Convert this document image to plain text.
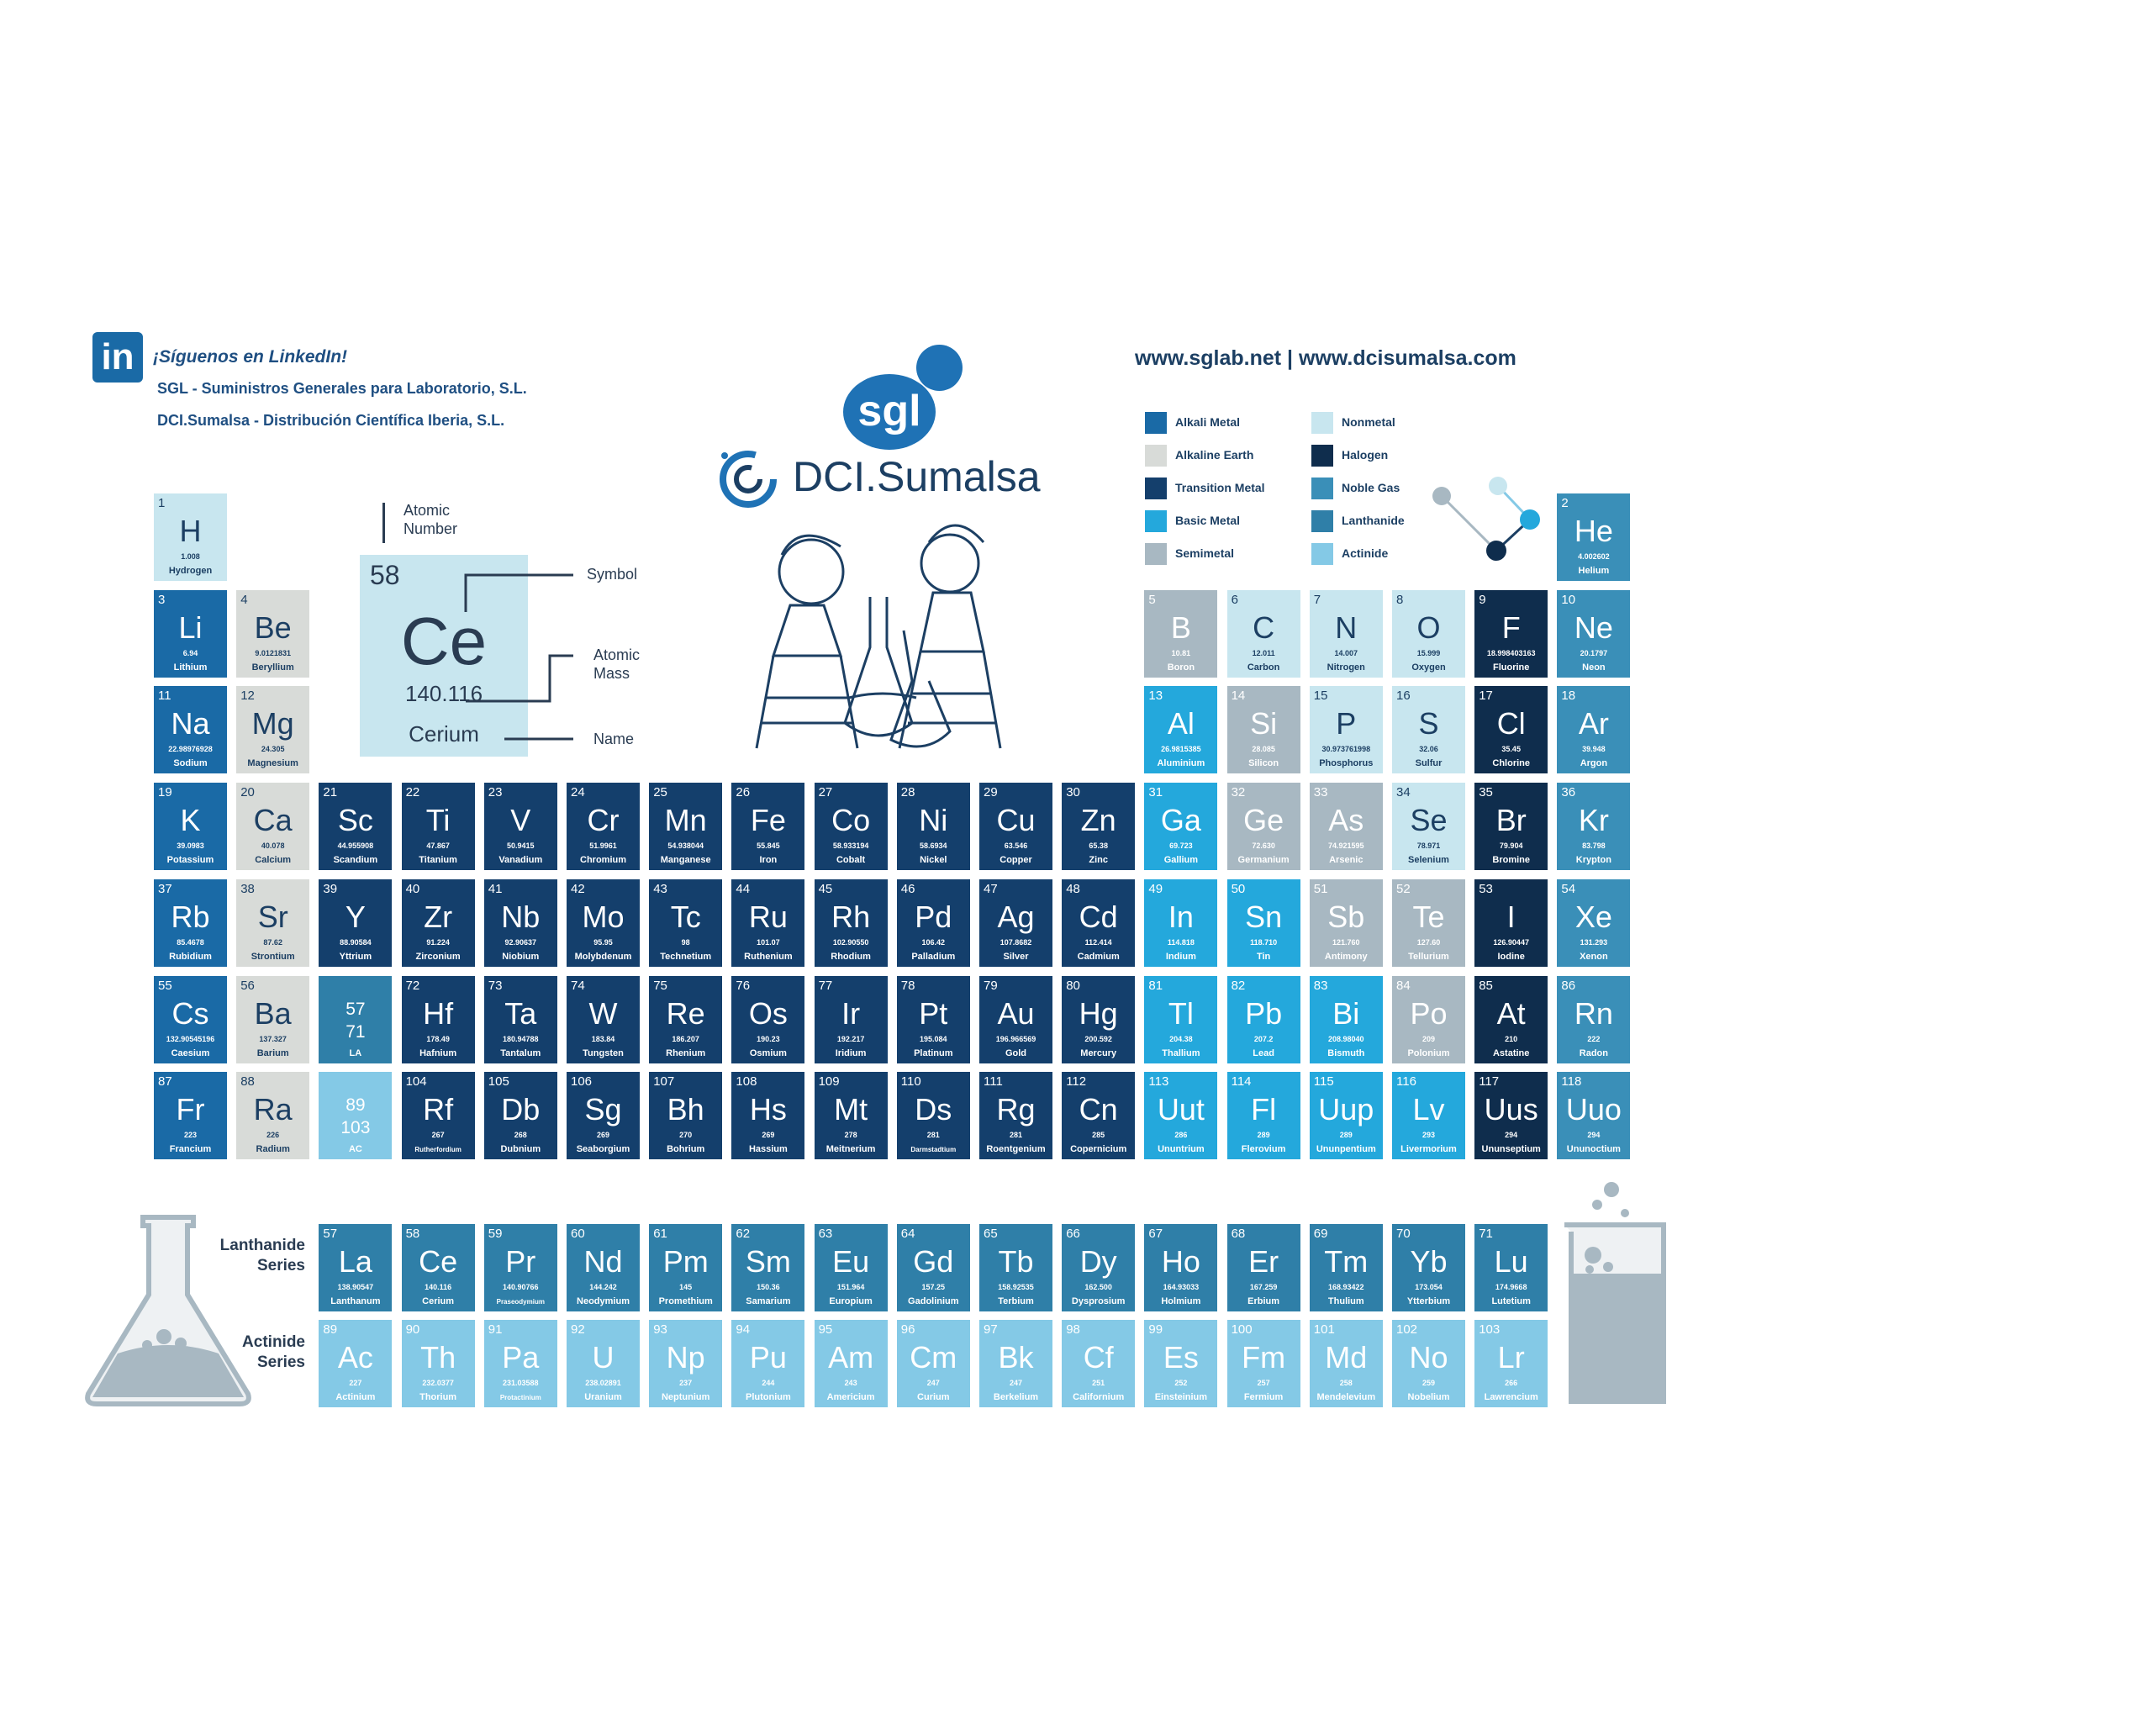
in	¡Síguenos en LinkedIn!
SGL - Suministros Generales para Laboratorio, S.L.
DCI.Sumalsa - Distribución Científica Iberia, S.L.
www.sglab.net | www.dcisumalsa.com
sgl
DCI.Sumalsa
Alkali Metal
Alkaline Earth
Transition Metal
Basic Metal
Semimetal
Nonmetal
Halogen
Noble Gas
Lanthanide
Actinide
Atomic
Number
58
Ce
140.116
Cerium
Symbol
Atomic
Mass
Name
Lanthanide
Series
Actinide
Series
1
H
1.008
Hydrogen
2
He
4.002602
Helium
3
Li
6.94
Lithium
4
Be
9.0121831
Beryllium
5
B
10.81
Boron
6
C
12.011
Carbon
7
N
14.007
Nitrogen
8
O
15.999
Oxygen
9
F
18.998403163
Fluorine
10
Ne
20.1797
Neon
11
Na
22.98976928
Sodium
12
Mg
24.305
Magnesium
13
Al
26.9815385
Aluminium
14
Si
28.085
Silicon
15
P
30.973761998
Phosphorus
16
S
32.06
Sulfur
17
Cl
35.45
Chlorine
18
Ar
39.948
Argon
19
K
39.0983
Potassium
20
Ca
40.078
Calcium
21
Sc
44.955908
Scandium
22
Ti
47.867
Titanium
23
V
50.9415
Vanadium
24
Cr
51.9961
Chromium
25
Mn
54.938044
Manganese
26
Fe
55.845
Iron
27
Co
58.933194
Cobalt
28
Ni
58.6934
Nickel
29
Cu
63.546
Copper
30
Zn
65.38
Zinc
31
Ga
69.723
Gallium
32
Ge
72.630
Germanium
33
As
74.921595
Arsenic
34
Se
78.971
Selenium
35
Br
79.904
Bromine
36
Kr
83.798
Krypton
37
Rb
85.4678
Rubidium
38
Sr
87.62
Strontium
39
Y
88.90584
Yttrium
40
Zr
91.224
Zirconium
41
Nb
92.90637
Niobium
42
Mo
95.95
Molybdenum
43
Tc
98
Technetium
44
Ru
101.07
Ruthenium
45
Rh
102.90550
Rhodium
46
Pd
106.42
Palladium
47
Ag
107.8682
Silver
48
Cd
112.414
Cadmium
49
In
114.818
Indium
50
Sn
118.710
Tin
51
Sb
121.760
Antimony
52
Te
127.60
Tellurium
53
I
126.90447
Iodine
54
Xe
131.293
Xenon
55
Cs
132.90545196
Caesium
56
Ba
137.327
Barium
57
71
LA
72
Hf
178.49
Hafnium
73
Ta
180.94788
Tantalum
74
W
183.84
Tungsten
75
Re
186.207
Rhenium
76
Os
190.23
Osmium
77
Ir
192.217
Iridium
78
Pt
195.084
Platinum
79
Au
196.966569
Gold
80
Hg
200.592
Mercury
81
Tl
204.38
Thallium
82
Pb
207.2
Lead
83
Bi
208.98040
Bismuth
84
Po
209
Polonium
85
At
210
Astatine
86
Rn
222
Radon
87
Fr
223
Francium
88
Ra
226
Radium
89
103
AC
104
Rf
267
Rutherfordium
105
Db
268
Dubnium
106
Sg
269
Seaborgium
107
Bh
270
Bohrium
108
Hs
269
Hassium
109
Mt
278
Meitnerium
110
Ds
281
Darmstadtium
111
Rg
281
Roentgenium
112
Cn
285
Copernicium
113
Uut
286
Ununtrium
114
Fl
289
Flerovium
115
Uup
289
Ununpentium
116
Lv
293
Livermorium
117
Uus
294
Ununseptium
118
Uuo
294
Ununoctium
57
La
138.90547
Lanthanum
58
Ce
140.116
Cerium
59
Pr
140.90766
Praseodymium
60
Nd
144.242
Neodymium
61
Pm
145
Promethium
62
Sm
150.36
Samarium
63
Eu
151.964
Europium
64
Gd
157.25
Gadolinium
65
Tb
158.92535
Terbium
66
Dy
162.500
Dysprosium
67
Ho
164.93033
Holmium
68
Er
167.259
Erbium
69
Tm
168.93422
Thulium
70
Yb
173.054
Ytterbium
71
Lu
174.9668
Lutetium
89
Ac
227
Actinium
90
Th
232.0377
Thorium
91
Pa
231.03588
Protactinium
92
U
238.02891
Uranium
93
Np
237
Neptunium
94
Pu
244
Plutonium
95
Am
243
Americium
96
Cm
247
Curium
97
Bk
247
Berkelium
98
Cf
251
Californium
99
Es
252
Einsteinium
100
Fm
257
Fermium
101
Md
258
Mendelevium
102
No
259
Nobelium
103
Lr
266
Lawrencium
